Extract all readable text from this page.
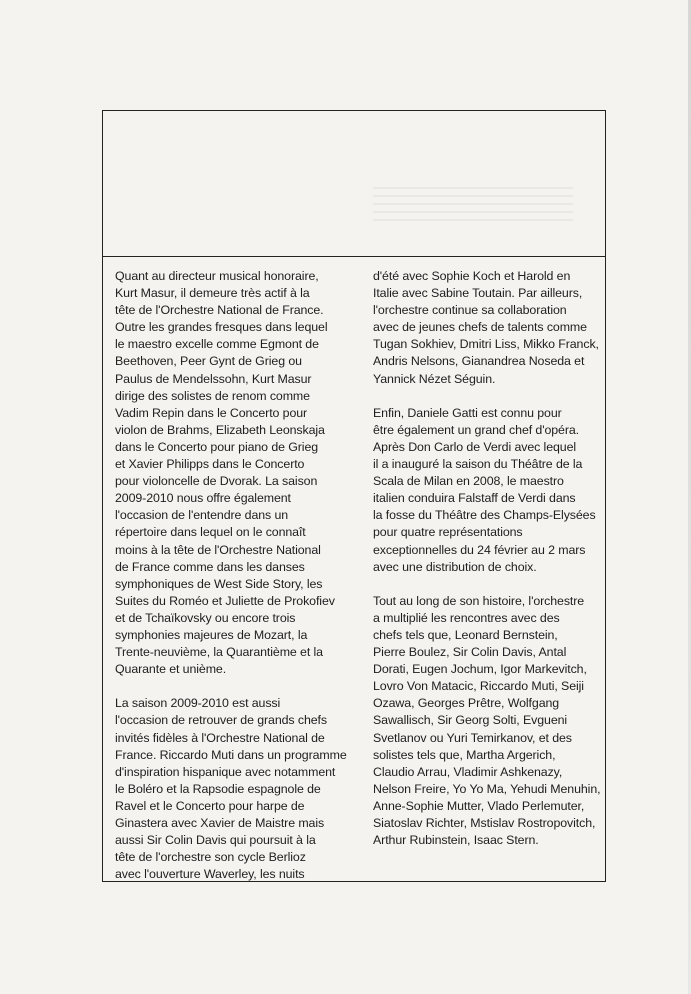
Quant au directeur musical honoraire,
Kurt Masur, il demeure très actif à la
tête de l'Orchestre National de France.
Outre les grandes fresques dans lequel
le maestro excelle comme Egmont de
Beethoven, Peer Gynt de Grieg ou
Paulus de Mendelssohn, Kurt Masur
dirige des solistes de renom comme
Vadim Repin dans le Concerto pour
violon de Brahms, Elizabeth Leonskaja
dans le Concerto pour piano de Grieg
et Xavier Philipps dans le Concerto
pour violoncelle de Dvorak. La saison
2009-2010 nous offre également
l'occasion de l'entendre dans un
répertoire dans lequel on le connaît
moins à la tête de l'Orchestre National
de France comme dans les danses
symphoniques de West Side Story, les
Suites du Roméo et Juliette de Prokofiev
et de Tchaïkovsky ou encore trois
symphonies majeures de Mozart, la
Trente-neuvième, la Quarantième et la
Quarante et unième.

La saison 2009-2010 est aussi
l'occasion de retrouver de grands chefs
invités fidèles à l'Orchestre National de
France. Riccardo Muti dans un programme
d'inspiration hispanique avec notamment
le Boléro et la Rapsodie espagnole de
Ravel et le Concerto pour harpe de
Ginastera avec Xavier de Maistre mais
aussi Sir Colin Davis qui poursuit à la
tête de l'orchestre son cycle Berlioz
avec l'ouverture Waverley, les nuits

d'été avec Sophie Koch et Harold en
Italie avec Sabine Toutain. Par ailleurs,
l'orchestre continue sa collaboration
avec de jeunes chefs de talents comme
Tugan Sokhiev, Dmitri Liss, Mikko Franck,
Andris Nelsons, Gianandrea Noseda et
Yannick Nézet Séguin.

Enfin, Daniele Gatti est connu pour
être également un grand chef d'opéra.
Après Don Carlo de Verdi avec lequel
il a inauguré la saison du Théâtre de la
Scala de Milan en 2008, le maestro
italien conduira Falstaff de Verdi dans
la fosse du Théâtre des Champs-Elysées
pour quatre représentations
exceptionnelles du 24 février au 2 mars
avec une distribution de choix.

Tout au long de son histoire, l'orchestre
a multiplié les rencontres avec des
chefs tels que, Leonard Bernstein,
Pierre Boulez, Sir Colin Davis, Antal
Dorati, Eugen Jochum, Igor Markevitch,
Lovro Von Matacic, Riccardo Muti, Seiji
Ozawa, Georges Prêtre, Wolfgang
Sawallisch, Sir Georg Solti, Evgueni
Svetlanov ou Yuri Temirkanov, et des
solistes tels que, Martha Argerich,
Claudio Arrau, Vladimir Ashkenazy,
Nelson Freire, Yo Yo Ma, Yehudi Menuhin,
Anne-Sophie Mutter, Vlado Perlemuter,
Siatoslav Richter, Mstislav Rostropovitch,
Arthur Rubinstein, Isaac Stern.
